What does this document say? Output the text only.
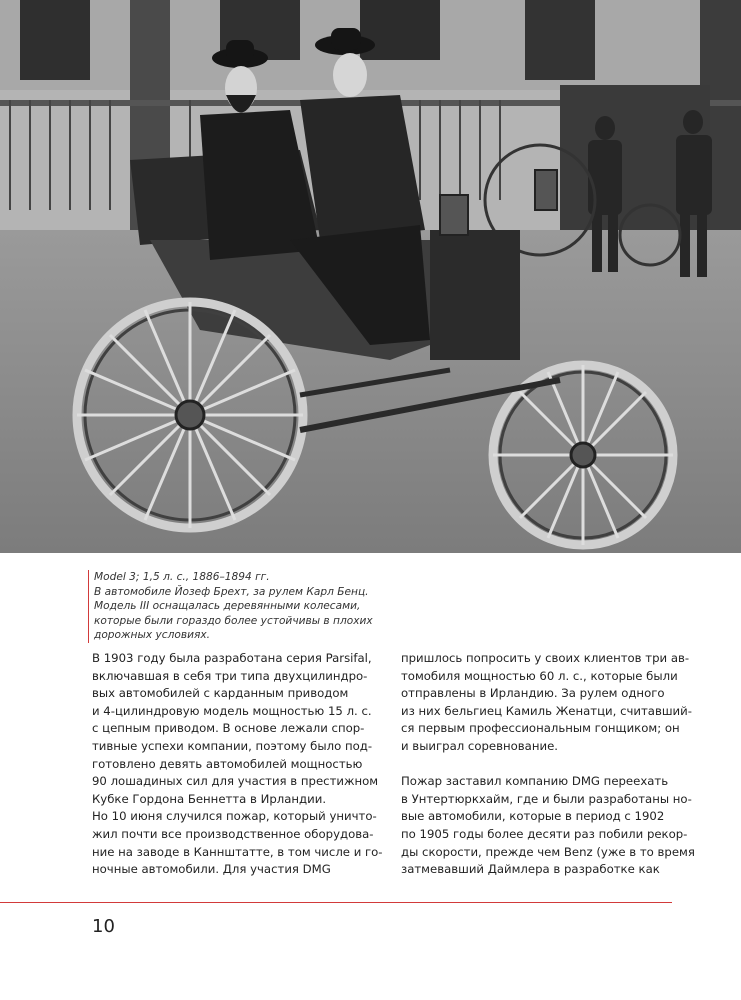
Model 3; 1,5 л. с., 1886–1894 гг.
В автомобиле Йозеф Брехт, за рулем Карл Бенц.
Модель III оснащалась деревянными колесами,
которые были гораздо более устойчивы в плохих
дорожных условиях.
В 1903 году была разработана серия Parsifal,
включавшая в себя три типа двухцилиндро-
вых автомобилей с карданным приводом
и 4-цилиндровую модель мощностью 15 л. с.
с цепным приводом. В основе лежали спор-
тивные успехи компании, поэтому было под-
готовлено девять автомобилей мощностью
90 лошадиных сил для участия в престижном
Кубке Гордона Беннетта в Ирландии.
Но 10 июня случился пожар, который уничто-
жил почти все производственное оборудова-
ние на заводе в Каннштатте, в том числе и го-
ночные автомобили. Для участия DMG
пришлось попросить у своих клиентов три ав-
томобиля мощностью 60 л. с., которые были
отправлены в Ирландию. За рулем одного
из них бельгиец Камиль Женатци, считавший-
ся первым профессиональным гонщиком; он
и выиграл соревнование.
Пожар заставил компанию DMG переехать
в Унтертюркхайм, где и были разработаны но-
вые автомобили, которые в период с 1902
по 1905 годы более десяти раз побили рекор-
ды скорости, прежде чем Benz (уже в то время
затмевавший Даймлера в разработке как
10
